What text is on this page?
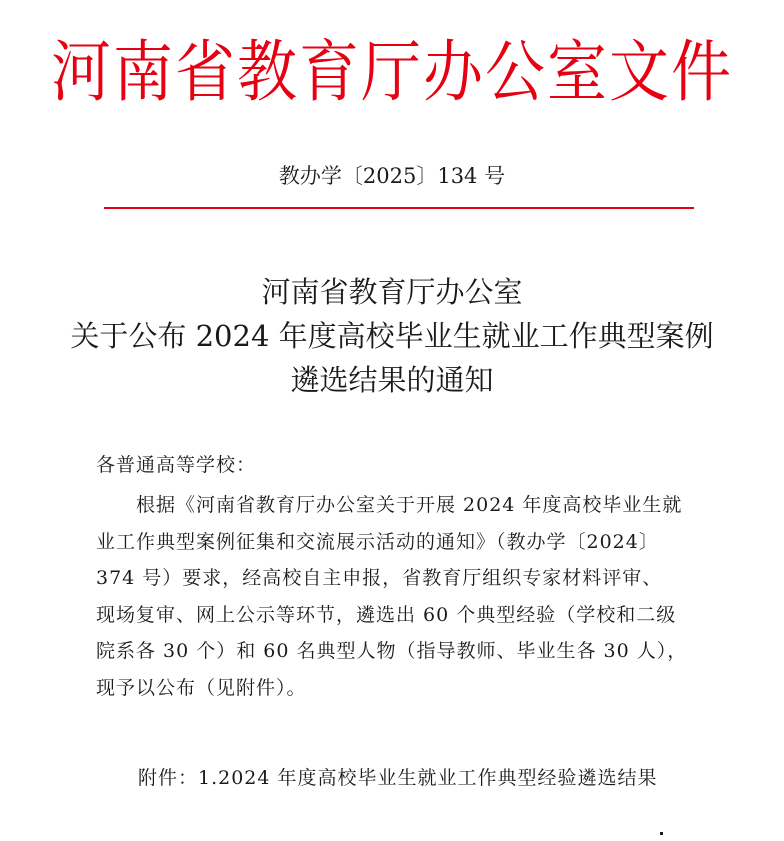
河南省教育厅办公室文件
教办学〔2025〕134 号
河南省教育厅办公室
关于公布 2024 年度高校毕业生就业工作典型案例
遴选结果的通知
各普通高等学校：
根据《河南省教育厅办公室关于开展 2024 年度高校毕业生就
业工作典型案例征集和交流展示活动的通知》（教办学〔2024〕
374 号）要求，经高校自主申报，省教育厅组织专家材料评审、
现场复审、网上公示等环节，遴选出 60 个典型经验（学校和二级
院系各 30 个）和 60 名典型人物（指导教师、毕业生各 30 人），
现予以公布（见附件）。
附件：1.2024 年度高校毕业生就业工作典型经验遴选结果
